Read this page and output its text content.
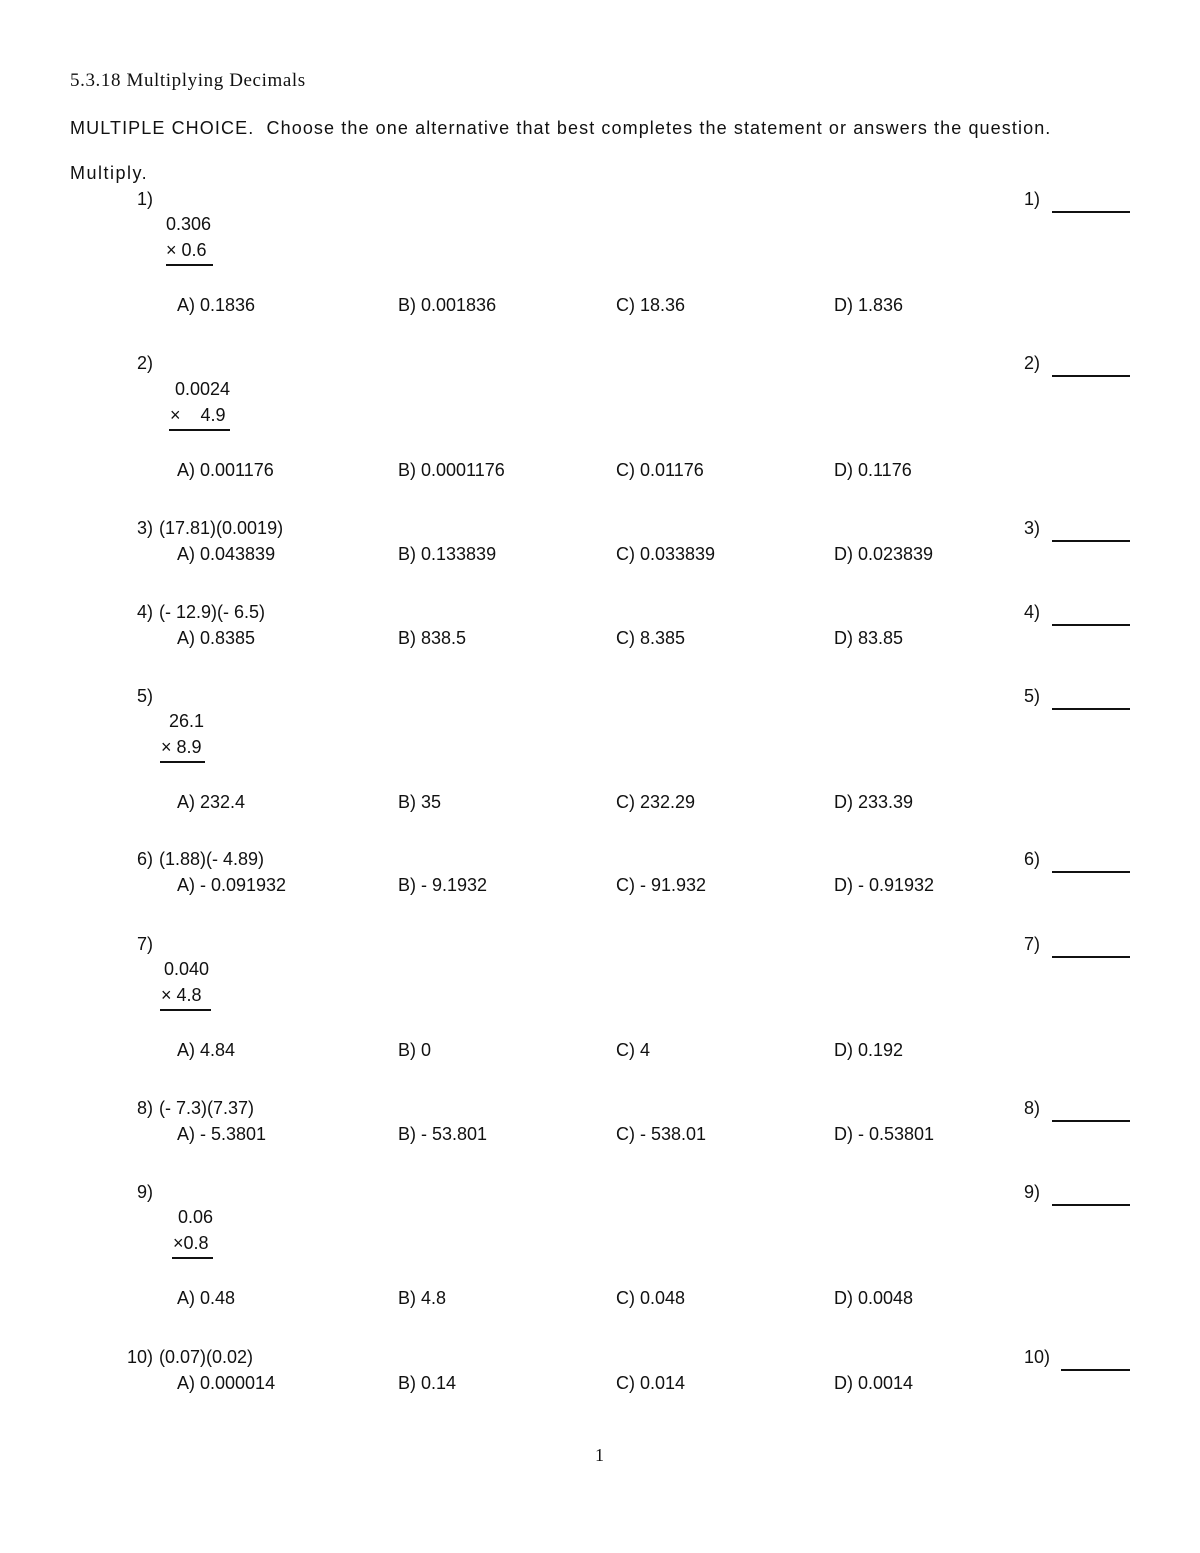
5.3.18 Multiplying Decimals
MULTIPLE CHOICE.  Choose the one alternative that best completes the statement or answers the question.
Multiply.
1)
0.306
× 0.6
A) 0.1836	B) 0.001836	C) 18.36	D) 1.836
1)
2)
0.0024
×    4.9
A) 0.001176	B) 0.0001176	C) 0.01176	D) 0.1176
2)
3) (17.81)(0.0019)
A) 0.043839	B) 0.133839	C) 0.033839	D) 0.023839
3)
4) (- 12.9)(- 6.5)
A) 0.8385	B) 838.5	C) 8.385	D) 83.85
4)
5)
26.1
× 8.9
A) 232.4	B) 35	C) 232.29	D) 233.39
5)
6) (1.88)(- 4.89)
A) - 0.091932	B) - 9.1932	C) - 91.932	D) - 0.91932
6)
7)
0.040
× 4.8
A) 4.84	B) 0	C) 4	D) 0.192
7)
8) (- 7.3)(7.37)
A) - 5.3801	B) - 53.801	C) - 538.01	D) - 0.53801
8)
9)
0.06
×0.8
A) 0.48	B) 4.8	C) 0.048	D) 0.0048
9)
10) (0.07)(0.02)
A) 0.000014	B) 0.14	C) 0.014	D) 0.0014
10)
1
